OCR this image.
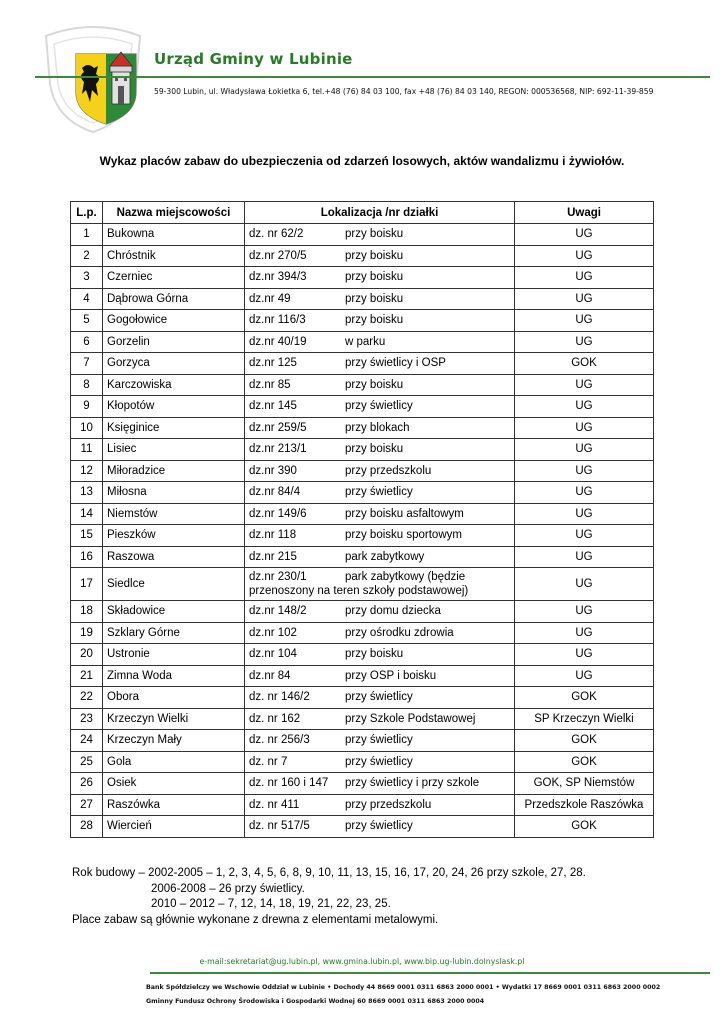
Urząd Gminy w Lubinie
59-300 Lubin, ul. Władysława Łokietka 6, tel.+48 (76) 84 03 100, fax +48 (76) 84 03 140, REGON: 000536568, NIP: 692-11-39-859
Wykaz placów zabaw do ubezpieczenia od zdarzeń losowych, aktów wandalizmu i żywiołów.
L.p.	Nazwa miejscowości	Lokalizacja /nr działki	Uwagi
1	Bukowna	dz. nr 62/2 przy boisku	UG
2	Chróstnik	dz.nr 270/5 przy boisku	UG
3	Czerniec	dz.nr 394/3 przy boisku	UG
4	Dąbrowa Górna	dz.nr 49 przy boisku	UG
5	Gogołowice	dz.nr 116/3 przy boisku	UG
6	Gorzelin	dz.nr 40/19 w parku	UG
7	Gorzyca	dz.nr 125 przy świetlicy i OSP	GOK
8	Karczowiska	dz.nr 85 przy boisku	UG
9	Kłopotów	dz.nr 145 przy świetlicy	UG
10	Księginice	dz.nr 259/5 przy blokach	UG
11	Lisiec	dz.nr 213/1 przy boisku	UG
12	Miłoradzice	dz.nr 390 przy przedszkolu	UG
13	Miłosna	dz.nr 84/4 przy świetlicy	UG
14	Niemstów	dz.nr 149/6 przy boisku asfaltowym	UG
15	Pieszków	dz.nr 118 przy boisku sportowym	UG
16	Raszowa	dz.nr 215 park zabytkowy	UG
17	Siedlce	dz.nr 230/1 park zabytkowy (będzie
przenoszony na teren szkoły podstawowej)	UG
18	Składowice	dz.nr 148/2 przy domu dziecka	UG
19	Szklary Górne	dz.nr 102 przy ośrodku zdrowia	UG
20	Ustronie	dz.nr 104 przy boisku	UG
21	Zimna Woda	dz.nr 84 przy OSP i boisku	UG
22	Obora	dz. nr 146/2 przy świetlicy	GOK
23	Krzeczyn Wielki	dz. nr 162 przy Szkole Podstawowej	SP Krzeczyn Wielki
24	Krzeczyn Mały	dz. nr 256/3 przy świetlicy	GOK
25	Gola	dz. nr 7 przy świetlicy	GOK
26	Osiek	dz. nr 160 i 147 przy świetlicy i przy szkole	GOK, SP Niemstów
27	Raszówka	dz. nr 411 przy przedszkolu	Przedszkole Raszówka
28	Wiercień	dz. nr 517/5 przy świetlicy	GOK
Rok budowy – 2002-2005 – 1, 2, 3, 4, 5, 6, 8, 9, 10, 11, 13, 15, 16, 17, 20, 24, 26 przy szkole, 27, 28.
2006-2008 – 26 przy świetlicy.
2010 – 2012 – 7, 12, 14, 18, 19, 21, 22, 23, 25.
Place zabaw są głównie wykonane z drewna z elementami metalowymi.
e-mail:sekretariat@ug.lubin.pl, www.gmina.lubin.pl, www.bip.ug-lubin.dolnyslask.pl
Bank Spółdzielczy we Wschowie Oddział w Lubinie • Dochody 44 8669 0001 0311 6863 2000 0001 • Wydatki 17 8669 0001 0311 6863 2000 0002
Gminny Fundusz Ochrony Środowiska i Gospodarki Wodnej 60 8669 0001 0311 6863 2000 0004
